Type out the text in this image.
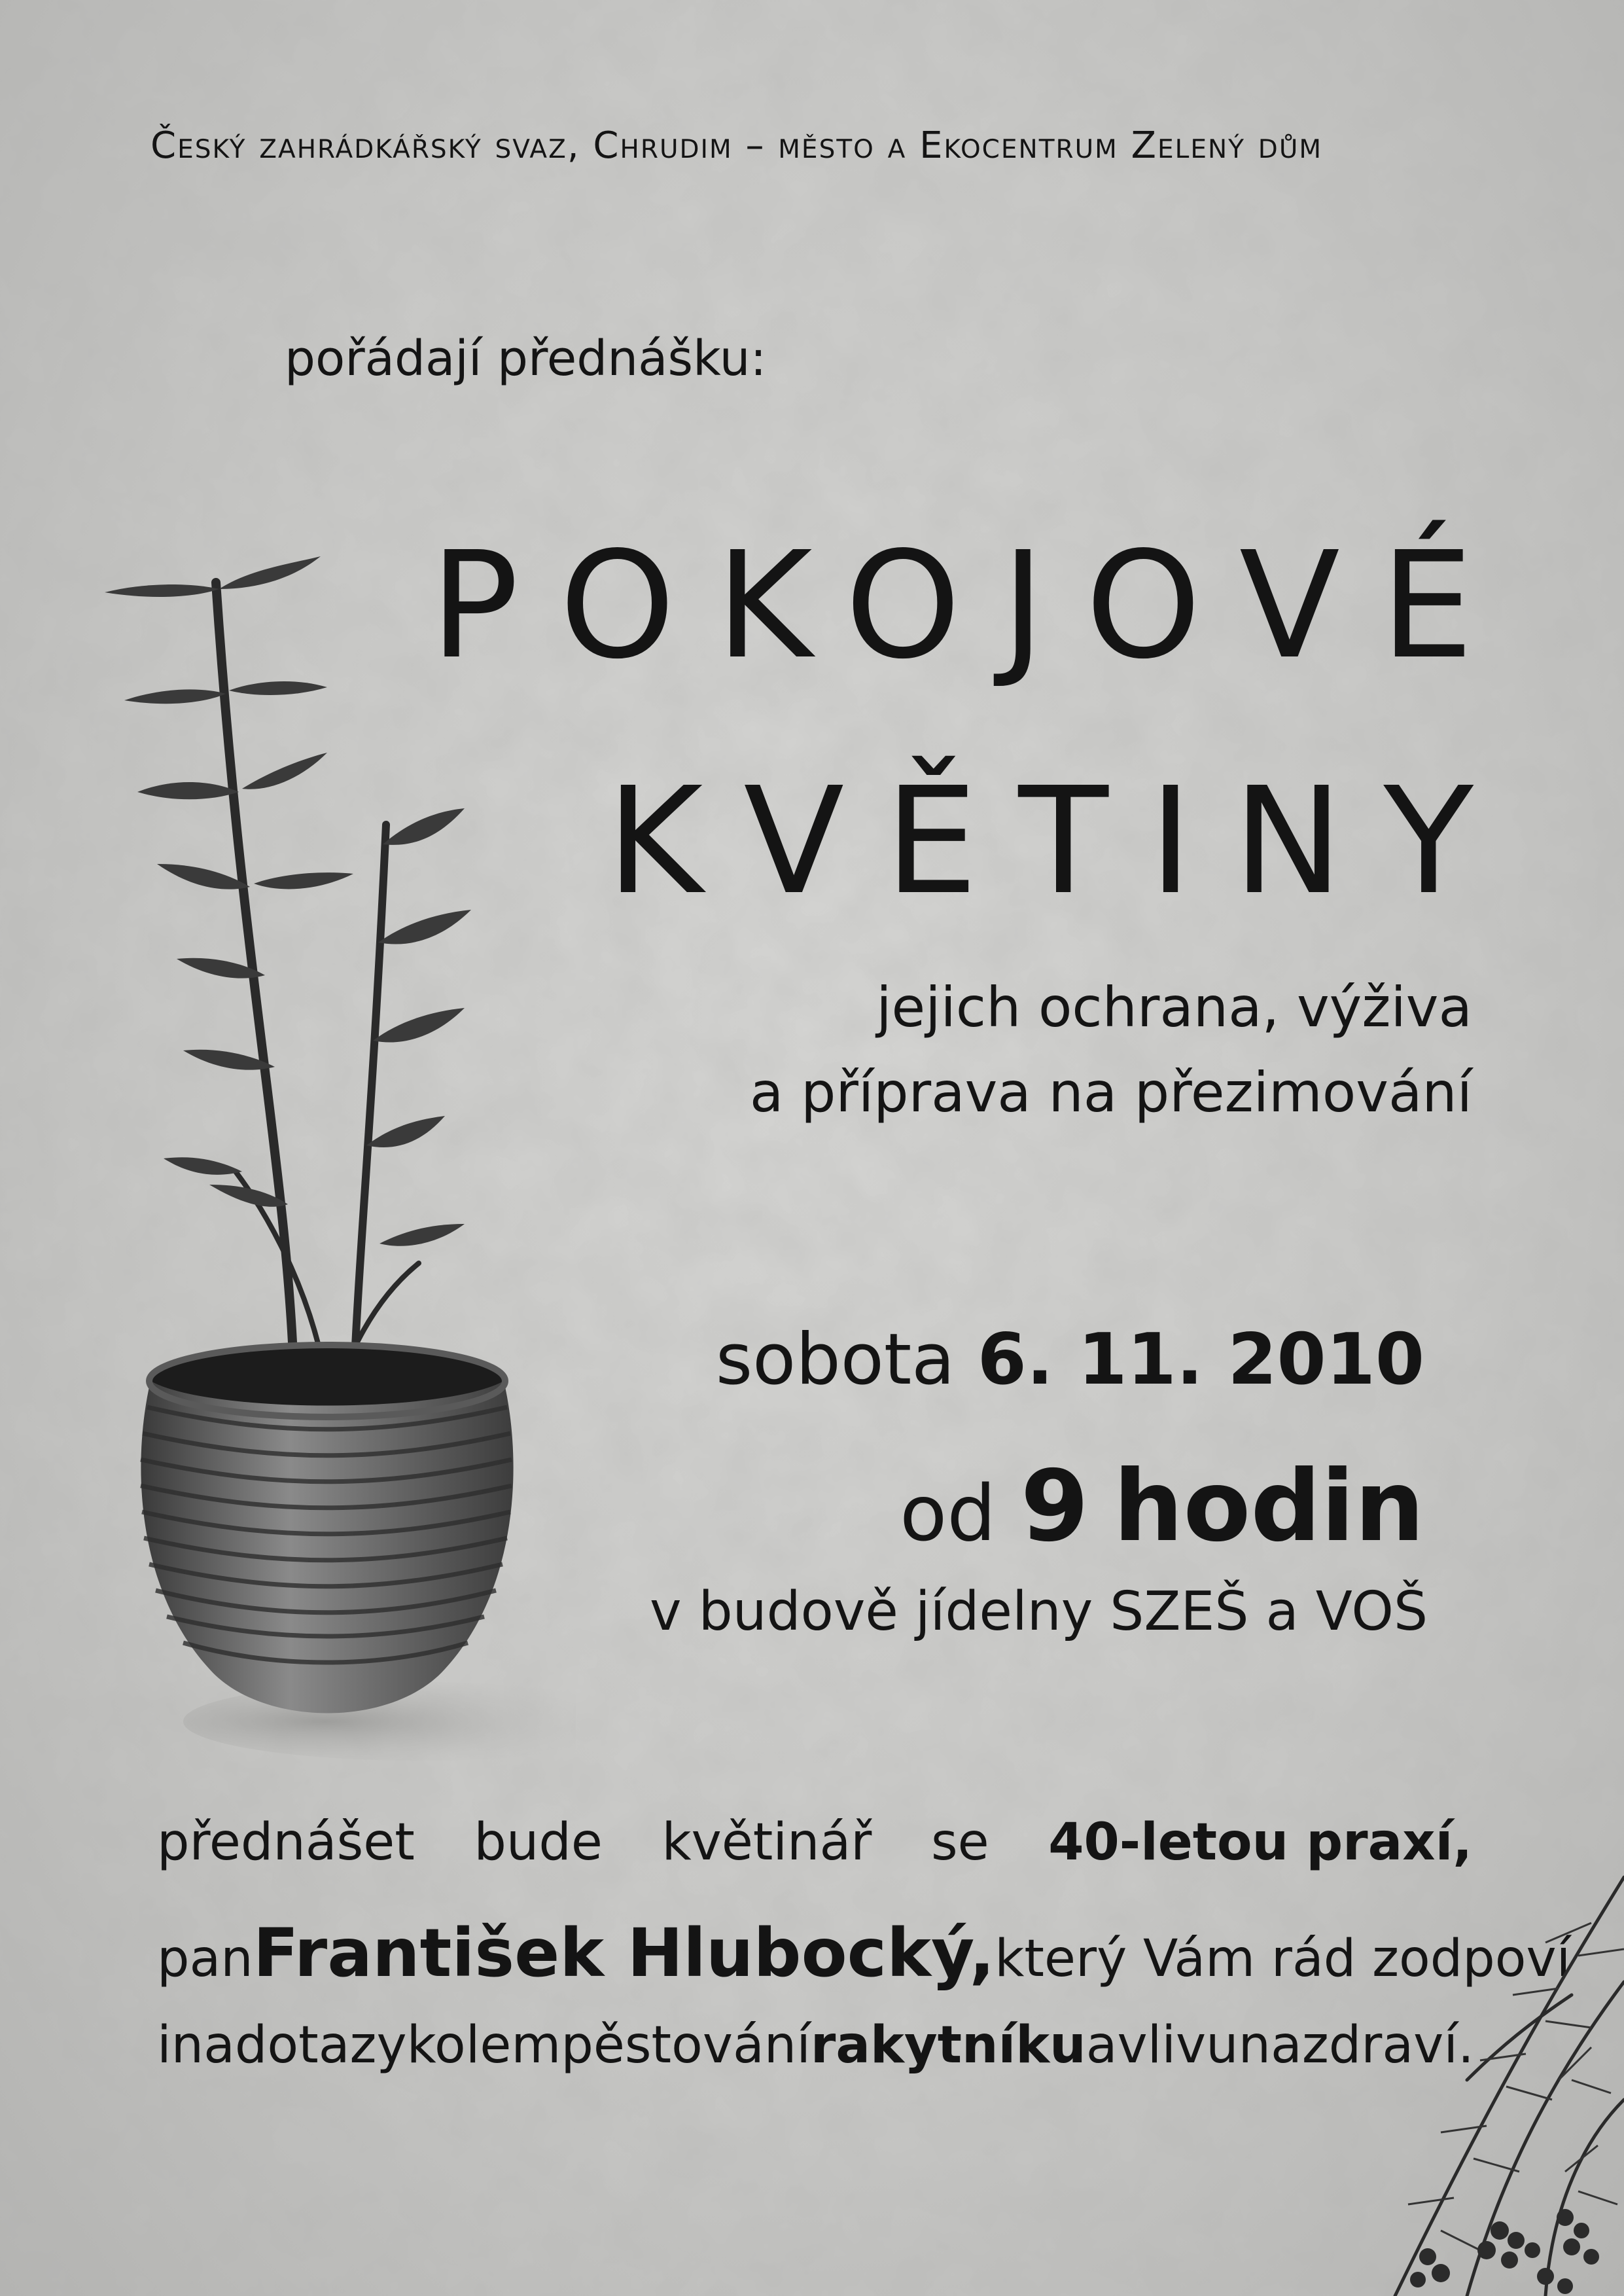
Český zahrádkářský svaz, Chrudim – město a Ekocentrum Zelený dům

pořádají přednášku:

POKOJOVÉ
KVĚTINY

jejich ochrana, výživa

a příprava na přezimování

sobota 6. 11. 2010

od 9 hodin

v budově jídelny SZEŠ a VOŠ

přednášet bude květinář se 40-letou praxí,
pan František Hlubocký, který Vám rád zodpoví
i na dotazy kolem pěstování rakytníku a vlivu na zdraví.
